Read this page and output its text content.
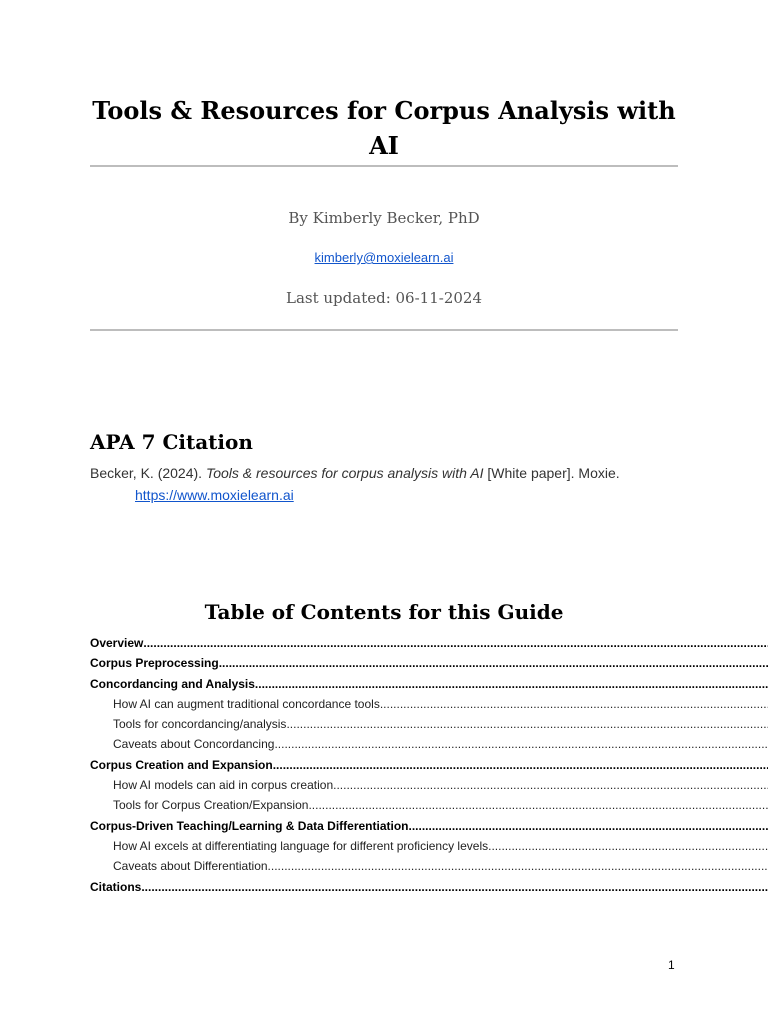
Tools & Resources for Corpus Analysis with AI
By Kimberly Becker, PhD
kimberly@moxielearn.ai
Last updated: 06-11-2024
APA 7 Citation
Becker, K. (2024). Tools & resources for corpus analysis with AI [White paper]. Moxie.
https://www.moxielearn.ai
Table of Contents for this Guide
Overview
.....
Corpus Preprocessing
.....
Concordancing and Analysis
.....
How AI can augment traditional concordance tools
.....
Tools for concordancing/analysis
.....
Caveats about Concordancing
.....
Corpus Creation and Expansion
.....
How AI models can aid in corpus creation
.....
Tools for Corpus Creation/Expansion
.....
Corpus-Driven Teaching/Learning & Data Differentiation
.....
How AI excels at differentiating language for different proficiency levels
.....
Caveats about Differentiation
.....
Citations
.....
1
